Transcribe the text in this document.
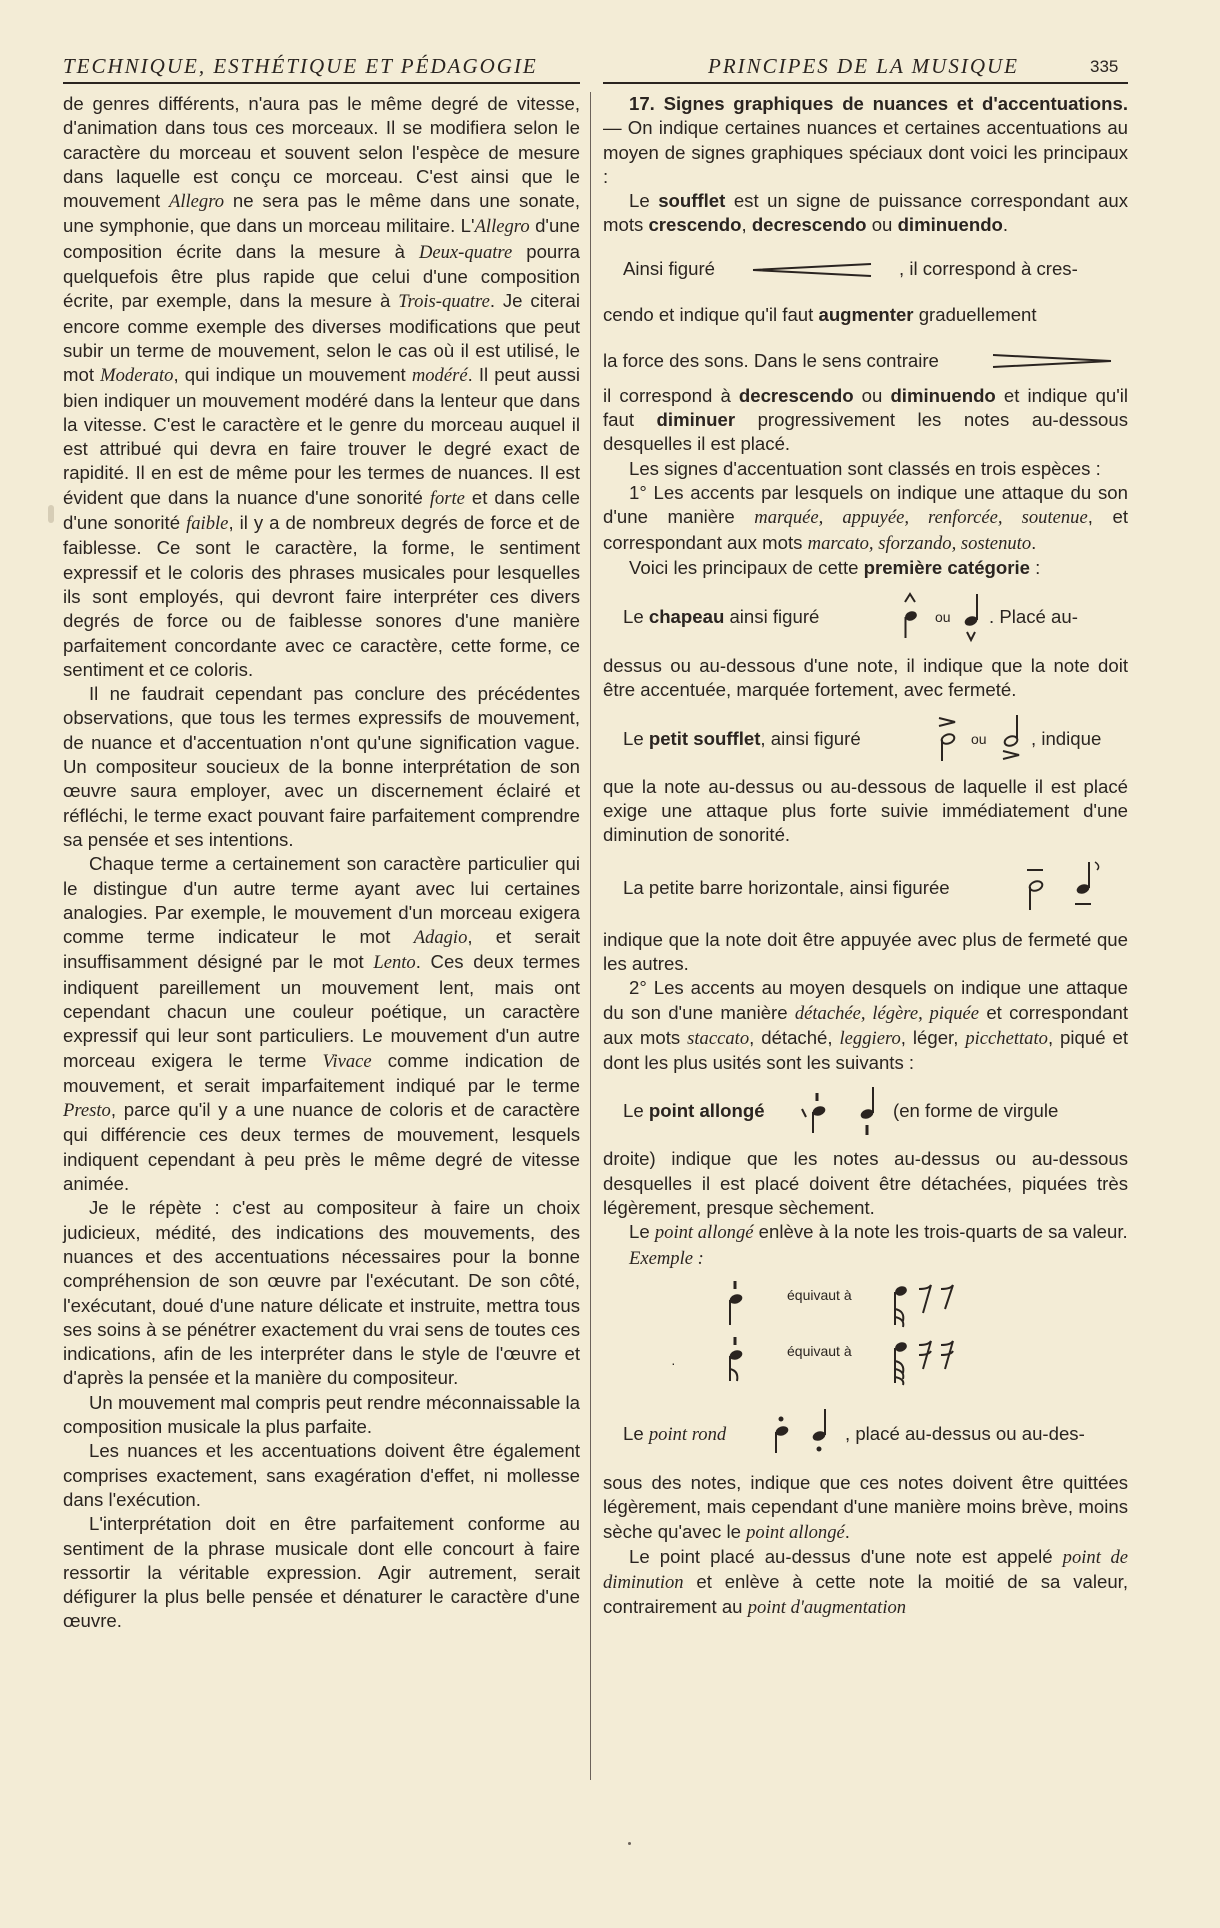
TECHNIQUE, ESTHÉTIQUE ET PÉDAGOGIE	PRINCIPES DE LA MUSIQUE	335

de genres différents, n'aura pas le même degré de vitesse, d'animation dans tous ces morceaux. Il se modifiera selon le caractère du morceau et souvent selon l'espèce de mesure dans laquelle est conçu ce morceau. C'est ainsi que le mouvement Allegro ne sera pas le même dans une sonate, une symphonie, que dans un morceau militaire. L'Allegro d'une composition écrite dans la mesure à Deux-quatre pourra quelquefois être plus rapide que celui d'une composition écrite, par exemple, dans la mesure à Trois-quatre. Je citerai encore comme exemple des diverses modifications que peut subir un terme de mouvement, selon le cas où il est utilisé, le mot Moderato, qui indique un mouvement modéré. Il peut aussi bien indiquer un mouvement modéré dans la lenteur que dans la vitesse. C'est le caractère et le genre du morceau auquel il est attribué qui devra en faire trouver le degré exact de rapidité. Il en est de même pour les termes de nuances. Il est évident que dans la nuance d'une sonorité forte et dans celle d'une sonorité faible, il y a de nombreux degrés de force et de faiblesse. Ce sont le caractère, la forme, le sentiment expressif et le coloris des phrases musicales pour lesquelles ils sont employés, qui devront faire interpréter ces divers degrés de force ou de faiblesse sonores d'une manière parfaitement concordante avec ce caractère, cette forme, ce sentiment et ce coloris.

Il ne faudrait cependant pas conclure des précédentes observations, que tous les termes expressifs de mouvement, de nuance et d'accentuation n'ont qu'une signification vague. Un compositeur soucieux de la bonne interprétation de son œuvre saura employer, avec un discernement éclairé et réfléchi, le terme exact pouvant faire parfaitement comprendre sa pensée et ses intentions.

Chaque terme a certainement son caractère particulier qui le distingue d'un autre terme ayant avec lui certaines analogies. Par exemple, le mouvement d'un morceau exigera comme terme indicateur le mot Adagio, et serait insuffisamment désigné par le mot Lento. Ces deux termes indiquent pareillement un mouvement lent, mais ont cependant chacun une couleur poétique, un caractère expressif qui leur sont particuliers. Le mouvement d'un autre morceau exigera le terme Vivace comme indication de mouvement, et serait imparfaitement indiqué par le terme Presto, parce qu'il y a une nuance de coloris et de caractère qui différencie ces deux termes de mouvement, lesquels indiquent cependant à peu près le même degré de vitesse animée.

Je le répète : c'est au compositeur à faire un choix judicieux, médité, des indications des mouvements, des nuances et des accentuations nécessaires pour la bonne compréhension de son œuvre par l'exécutant. De son côté, l'exécutant, doué d'une nature délicate et instruite, mettra tous ses soins à se pénétrer exactement du vrai sens de toutes ces indications, afin de les interpréter dans le style de l'œuvre et d'après la pensée et la manière du compositeur.

Un mouvement mal compris peut rendre méconnaissable la composition musicale la plus parfaite.

Les nuances et les accentuations doivent être également comprises exactement, sans exagération d'effet, ni mollesse dans l'exécution.

L'interprétation doit en être parfaitement conforme au sentiment de la phrase musicale dont elle concourt à faire ressortir la véritable expression. Agir autrement, serait défigurer la plus belle pensée et dénaturer le caractère d'une œuvre.

17. Signes graphiques de nuances et d'accentuations. — On indique certaines nuances et certaines accentuations au moyen de signes graphiques spéciaux dont voici les principaux :

Le soufflet est un signe de puissance correspondant aux mots crescendo, decrescendo ou diminuendo.

Ainsi figuré	, il correspond à cres-
cendo et indique qu'il faut augmenter graduellement
la force des sons. Dans le sens contraire

il correspond à decrescendo ou diminuendo et indique qu'il faut diminuer progressivement les notes au-dessous desquelles il est placé.

Les signes d'accentuation sont classés en trois espèces :

1° Les accents par lesquels on indique une attaque du son d'une manière marquée, appuyée, renforcée, soutenue, et correspondant aux mots marcato, sforzando, sostenuto.

Voici les principaux de cette première catégorie :

Le chapeau ainsi figuré	ou . Placé au-

dessus ou au-dessous d'une note, il indique que la note doit être accentuée, marquée fortement, avec fermeté.

Le petit soufflet, ainsi figuré	ou , indique

que la note au-dessus ou au-dessous de laquelle il est placé exige une attaque plus forte suivie immédiatement d'une diminution de sonorité.

La petite barre horizontale, ainsi figurée

indique que la note doit être appuyée avec plus de fermeté que les autres.

2° Les accents au moyen desquels on indique une attaque du son d'une manière détachée, légère, piquée et correspondant aux mots staccato, détaché, leggiero, léger, picchettato, piqué et dont les plus usités sont les suivants :

Le point allongé	(en forme de virgule

droite) indique que les notes au-dessus ou au-dessous desquelles il est placé doivent être détachées, piquées très légèrement, presque sèchement.

Le point allongé enlève à la note les trois-quarts de sa valeur.

Exemple :

équivaut à
·
équivaut à
Le point rond	, placé au-dessus ou au-des-

sous des notes, indique que ces notes doivent être quittées légèrement, mais cependant d'une manière moins brève, moins sèche qu'avec le point allongé.

Le point placé au-dessus d'une note est appelé point de diminution et enlève à cette note la moitié de sa valeur, contrairement au point d'augmentation
